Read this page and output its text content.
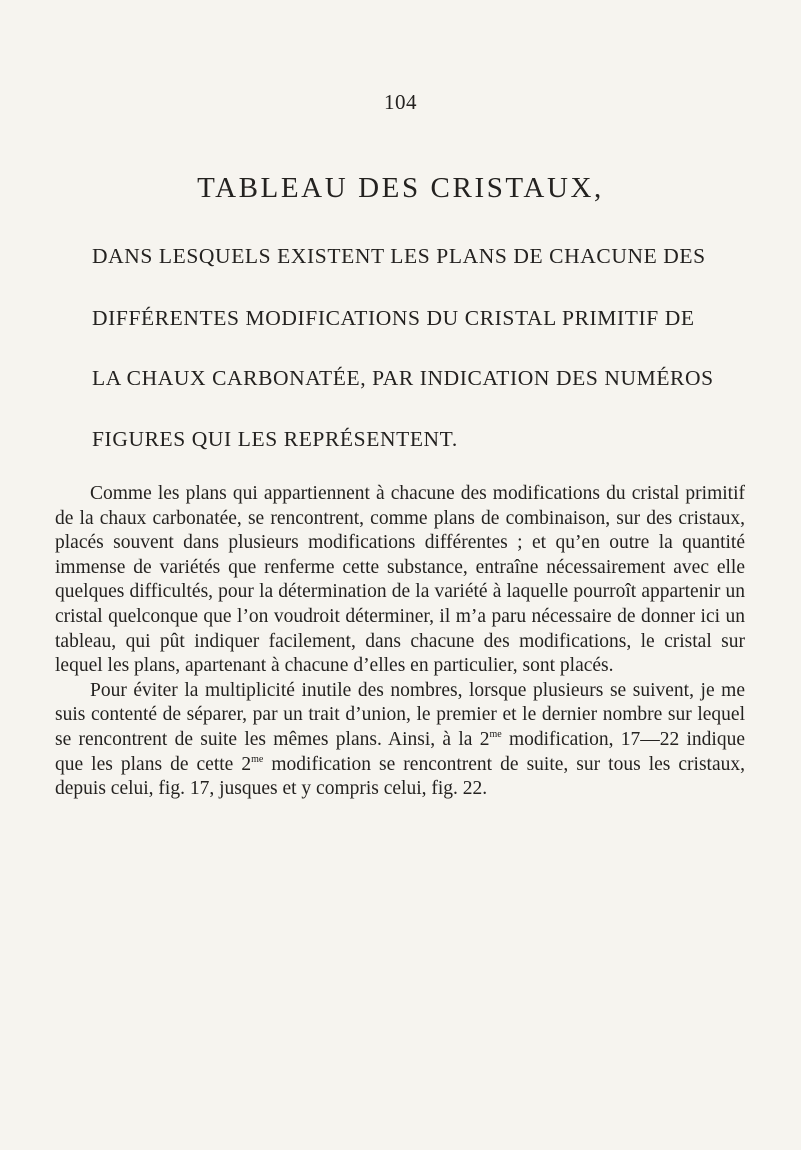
104
TABLEAU DES CRISTAUX,
DANS LESQUELS EXISTENT LES PLANS DE CHACUNE DES
DIFFÉRENTES MODIFICATIONS DU CRISTAL PRIMITIF DE
LA CHAUX CARBONATÉE, PAR INDICATION DES NUMÉROS
FIGURES QUI LES REPRÉSENTENT.

Comme les plans qui appartiennent à chacune des modifications du cristal primitif de la chaux carbonatée, se rencontrent, comme plans de combinaison, sur des cristaux, placés souvent dans plusieurs modifications différentes ; et qu’en outre la quantité immense de variétés que renferme cette substance, entraîne nécessairement avec elle quelques difficultés, pour la détermination de la variété à laquelle pourroît appartenir un cristal quelconque que l’on voudroit déterminer, il m’a paru nécessaire de donner ici un tableau, qui pût indiquer facilement, dans chacune des modifications, le cristal sur lequel les plans, apartenant à chacune d’elles en particulier, sont placés.

Pour éviter la multiplicité inutile des nombres, lorsque plusieurs se suivent, je me suis contenté de séparer, par un trait d’union, le premier et le dernier nombre sur lequel se rencontrent de suite les mêmes plans. Ainsi, à la $2^{me}$ modification, 17—22 indique que les plans de cette $2^{me}$ modification se rencontrent de suite, sur tous les cristaux, depuis celui, fig. 17, jusques et y compris celui, fig. 22.
